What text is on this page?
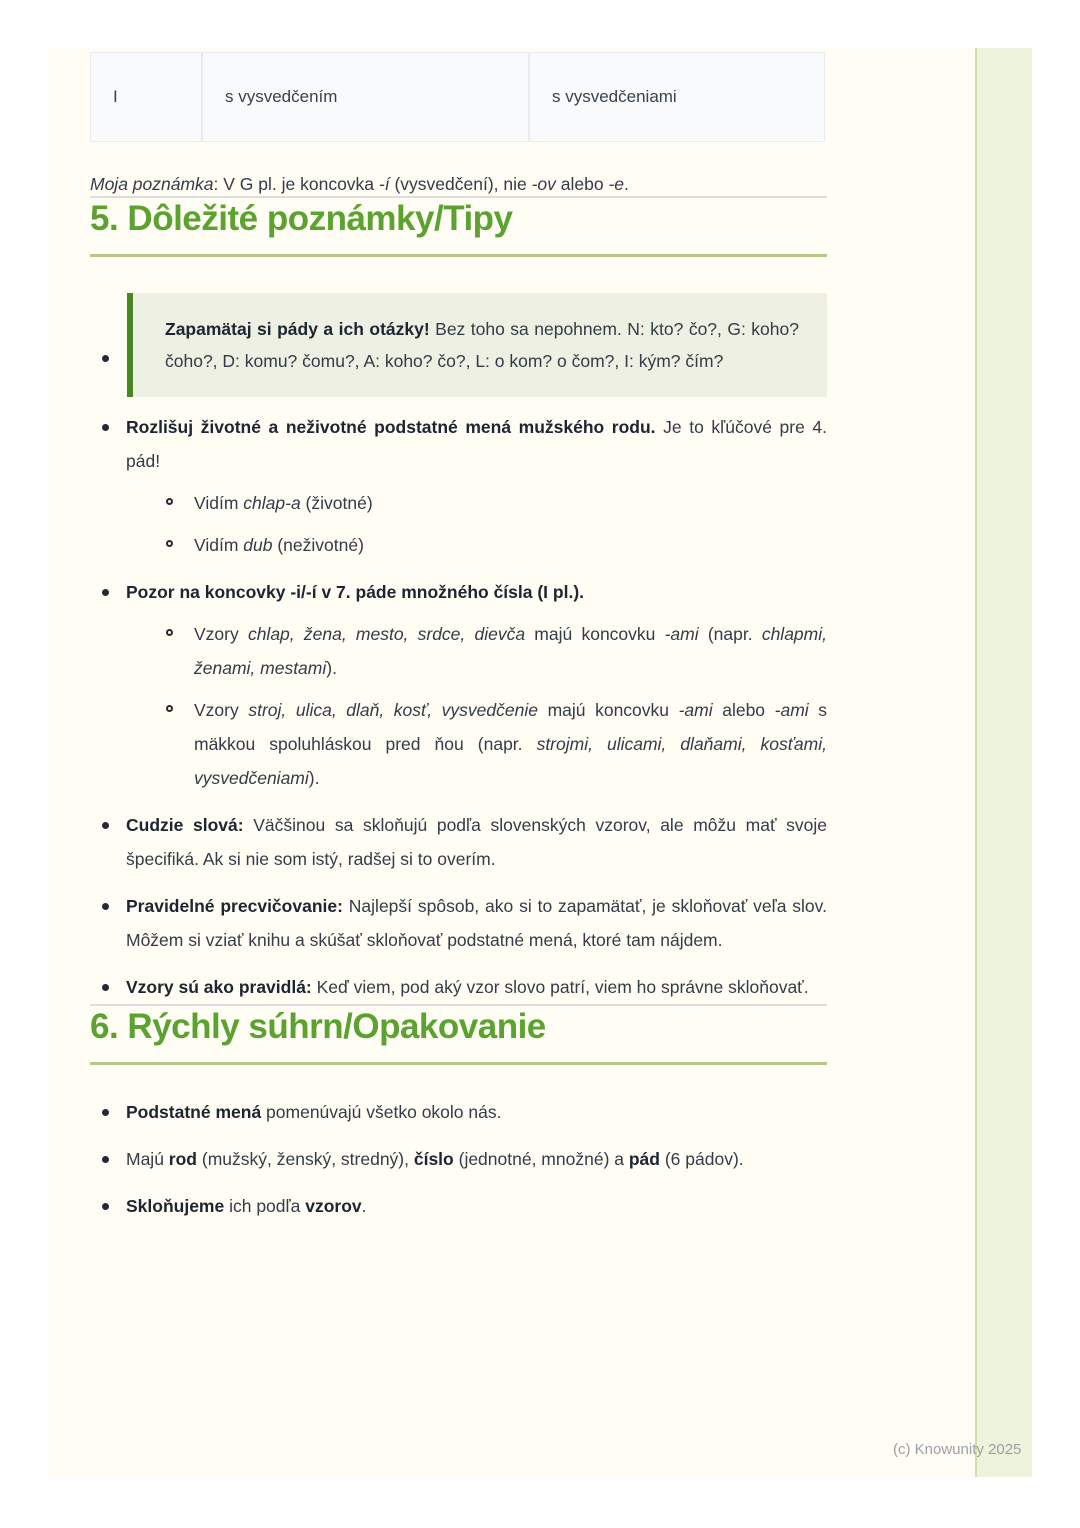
I	s vysvedčením	s vysvedčeniami

Moja poznámka: V G pl. je koncovka -í (vysvedčení), nie -ov alebo -e.

5. Dôležité poznámky/Tipy
Zapamätaj si pády a ich otázky! Bez toho sa nepohnem. N: kto? čo?, G: koho? čoho?, D: komu? čomu?, A: koho? čo?, L: o kom? o čom?, I: kým? čím?
Rozlišuj životné a neživotné podstatné mená mužského rodu. Je to kľúčové pre 4. pád!
Vidím chlap-a (životné)
Vidím dub (neživotné)
Pozor na koncovky -i/-í v 7. páde množného čísla (I pl.).
Vzory chlap, žena, mesto, srdce, dievča majú koncovku -ami (napr. chlapmi, ženami, mestami).
Vzory stroj, ulica, dlaň, kosť, vysvedčenie majú koncovku -ami alebo -ami s mäkkou spoluhláskou pred ňou (napr. strojmi, ulicami, dlaňami, kosťami, vysvedčeniami).
Cudzie slová: Väčšinou sa skloňujú podľa slovenských vzorov, ale môžu mať svoje špecifiká. Ak si nie som istý, radšej si to overím.
Pravidelné precvičovanie: Najlepší spôsob, ako si to zapamätať, je skloňovať veľa slov. Môžem si vziať knihu a skúšať skloňovať podstatné mená, ktoré tam nájdem.
Vzory sú ako pravidlá: Keď viem, pod aký vzor slovo patrí, viem ho správne skloňovať.
6. Rýchly súhrn/Opakovanie
Podstatné mená pomenúvajú všetko okolo nás.
Majú rod (mužský, ženský, stredný), číslo (jednotné, množné) a pád (6 pádov).
Skloňujeme ich podľa vzorov.
(c) Knowunity 2025
